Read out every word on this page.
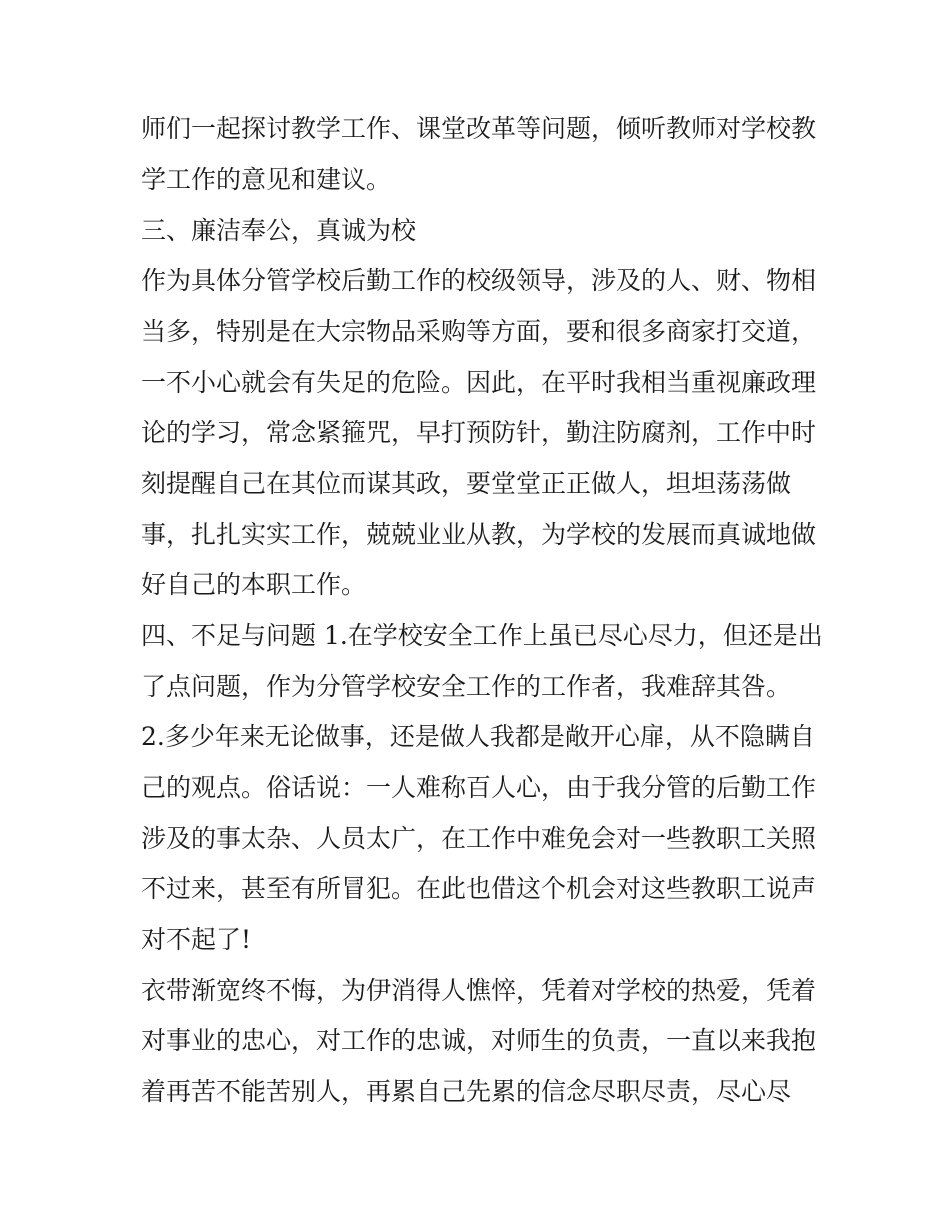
师们一起探讨教学工作、课堂改革等问题，倾听教师对学校教
学工作的意见和建议。
三、廉洁奉公，真诚为校
作为具体分管学校后勤工作的校级领导，涉及的人、财、物相
当多，特别是在大宗物品采购等方面，要和很多商家打交道，
一不小心就会有失足的危险。因此，在平时我相当重视廉政理
论的学习，常念紧箍咒，早打预防针，勤注防腐剂，工作中时
刻提醒自己在其位而谋其政，要堂堂正正做人，坦坦荡荡做
事，扎扎实实工作，兢兢业业从教，为学校的发展而真诚地做
好自己的本职工作。
四、不足与问题 1.在学校安全工作上虽已尽心尽力，但还是出
了点问题，作为分管学校安全工作的工作者，我难辞其咎。
2.多少年来无论做事，还是做人我都是敞开心扉，从不隐瞒自
己的观点。俗话说：一人难称百人心，由于我分管的后勤工作
涉及的事太杂、人员太广，在工作中难免会对一些教职工关照
不过来，甚至有所冒犯。在此也借这个机会对这些教职工说声
对不起了!
衣带渐宽终不悔，为伊消得人憔悴，凭着对学校的热爱，凭着
对事业的忠心，对工作的忠诚，对师生的负责，一直以来我抱
着再苦不能苦别人，再累自己先累的信念尽职尽责，尽心尽
